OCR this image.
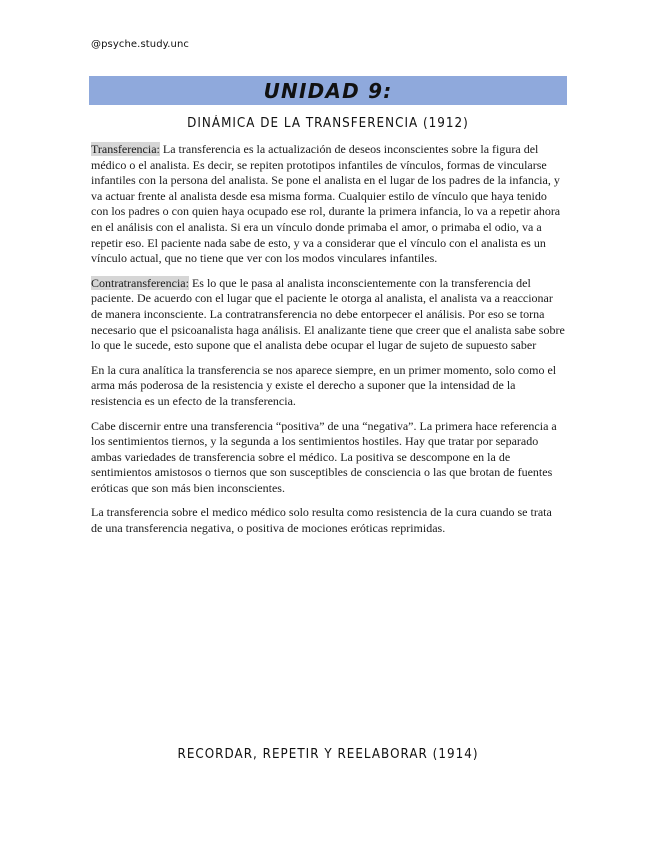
@psyche.study.unc
UNIDAD 9:
DINÁMICA DE LA TRANSFERENCIA (1912)

Transferencia: La transferencia es la actualización de deseos inconscientes sobre la figura del médico o el analista. Es decir, se repiten prototipos infantiles de vínculos, formas de vincularse infantiles con la persona del analista. Se pone el analista en el lugar de los padres de la infancia, y va actuar frente al analista desde esa misma forma. Cualquier estilo de vínculo que haya tenido con los padres o con quien haya ocupado ese rol, durante la primera infancia, lo va a repetir ahora en el análisis con el analista. Si era un vínculo donde primaba el amor, o primaba el odio, va a repetir eso. El paciente nada sabe de esto, y va a considerar que el vínculo con el analista es un vínculo actual, que no tiene que ver con los modos vinculares infantiles.

Contratransferencia: Es lo que le pasa al analista inconscientemente con la transferencia del paciente. De acuerdo con el lugar que el paciente le otorga al analista, el analista va a reaccionar de manera inconsciente. La contratransferencia no debe entorpecer el análisis. Por eso se torna necesario que el psicoanalista haga análisis. El analizante tiene que creer que el analista sabe sobre lo que le sucede, esto supone que el analista debe ocupar el lugar de sujeto de supuesto saber

En la cura analítica la transferencia se nos aparece siempre, en un primer momento, solo como el arma más poderosa de la resistencia y existe el derecho a suponer que la intensidad de la resistencia es un efecto de la transferencia.

Cabe discernir entre una transferencia “positiva” de una “negativa”. La primera hace referencia a los sentimientos tiernos, y la segunda a los sentimientos hostiles. Hay que tratar por separado ambas variedades de transferencia sobre el médico. La positiva se descompone en la de sentimientos amistosos o tiernos que son susceptibles de consciencia o las que brotan de fuentes eróticas que son más bien inconscientes.

La transferencia sobre el medico médico solo resulta como resistencia de la cura cuando se trata de una transferencia negativa, o positiva de mociones eróticas reprimidas.

RECORDAR, REPETIR Y REELABORAR (1914)
